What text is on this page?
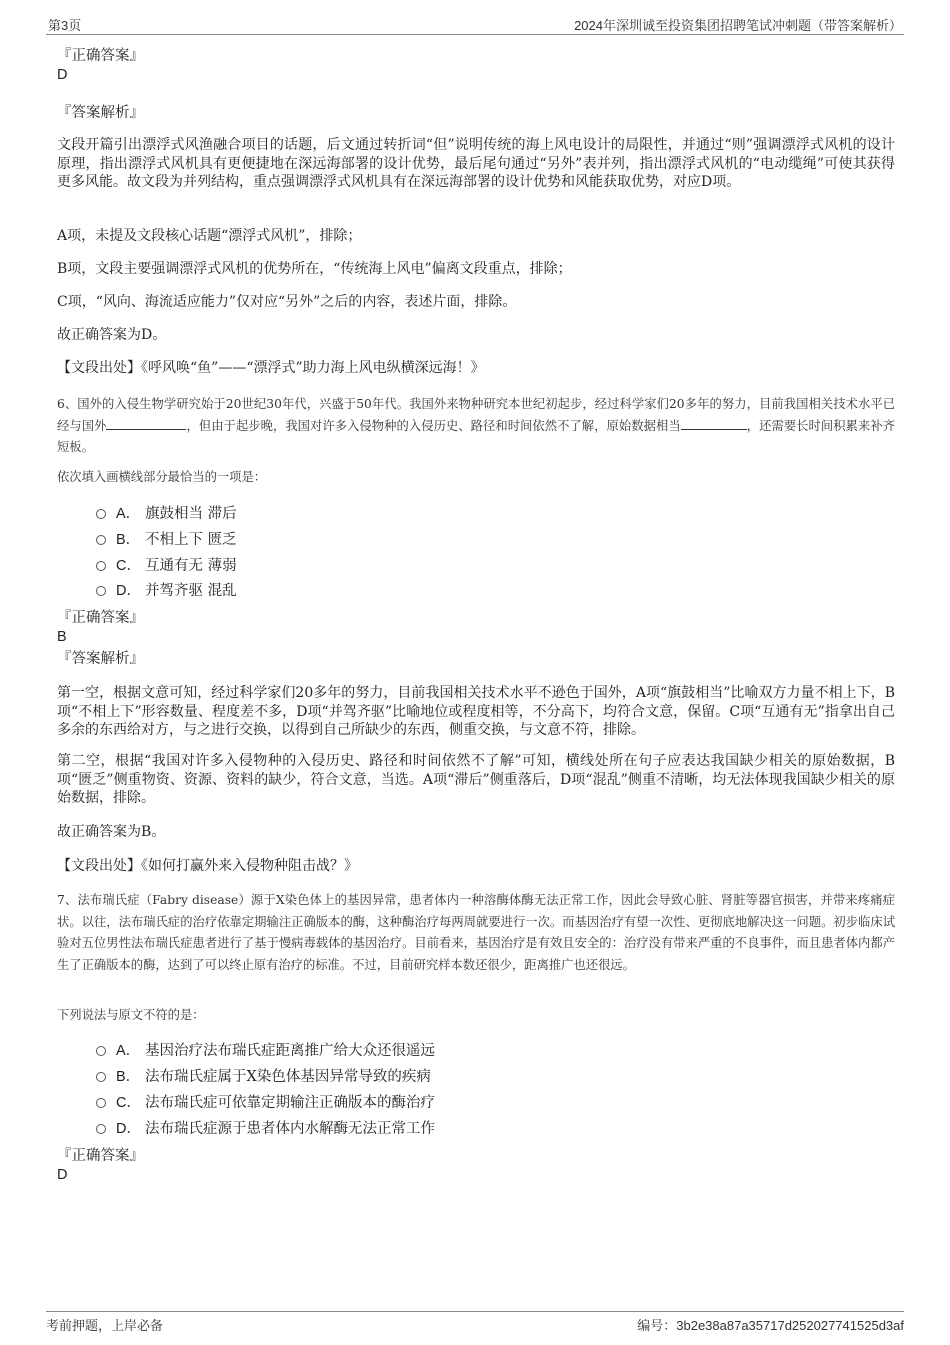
第3页	2024年深圳诚至投资集团招聘笔试冲刺题（带答案解析）
『正确答案』
D
『答案解析』
文段开篇引出漂浮式风渔融合项目的话题，后文通过转折词“但”说明传统的海上风电设计的局限性，并通过“则”强调漂浮式风机的设计原理，指出漂浮式风机具有更便捷地在深远海部署的设计优势，最后尾句通过“另外”表并列，指出漂浮式风机的“电动缆绳”可使其获得更多风能。故文段为并列结构，重点强调漂浮式风机具有在深远海部署的设计优势和风能获取优势，对应D项。
A项，未提及文段核心话题“漂浮式风机”，排除；
B项，文段主要强调漂浮式风机的优势所在，“传统海上风电”偏离文段重点，排除；
C项，“风向、海流适应能力”仅对应“另外”之后的内容，表述片面，排除。
故正确答案为D。
【文段出处】《呼风唤“鱼”——“漂浮式”助力海上风电纵横深远海！》
6、国外的入侵生物学研究始于20世纪30年代，兴盛于50年代。我国外来物种研究本世纪初起步，经过科学家们20多年的努力，目前我国相关技术水平已经与国外	，但由于起步晚，我国对许多入侵物种的入侵历史、路径和时间依然不了解，原始数据相当	，还需要长时间积累来补齐短板。
依次填入画横线部分最恰当的一项是：
A． 旗鼓相当 滞后
B． 不相上下 匮乏
C． 互通有无 薄弱
D． 并驾齐驱 混乱
『正确答案』
B
『答案解析』
第一空，根据文意可知，经过科学家们20多年的努力，目前我国相关技术水平不逊色于国外，A项“旗鼓相当”比喻双方力量不相上下，B项“不相上下”形容数量、程度差不多，D项“并驾齐驱”比喻地位或程度相等，不分高下，均符合文意，保留。C项“互通有无”指拿出自己多余的东西给对方，与之进行交换，以得到自己所缺少的东西，侧重交换，与文意不符，排除。
第二空，根据“我国对许多入侵物种的入侵历史、路径和时间依然不了解”可知，横线处所在句子应表达我国缺少相关的原始数据，B项“匮乏”侧重物资、资源、资料的缺少，符合文意，当选。A项“滞后”侧重落后，D项“混乱”侧重不清晰，均无法体现我国缺少相关的原始数据，排除。
故正确答案为B。
【文段出处】《如何打赢外来入侵物种阻击战？》
7、法布瑞氏症（Fabry disease）源于X染色体上的基因异常，患者体内一种溶酶体酶无法正常工作，因此会导致心脏、肾脏等器官损害，并带来疼痛症状。以往，法布瑞氏症的治疗依靠定期输注正确版本的酶，这种酶治疗每两周就要进行一次。而基因治疗有望一次性、更彻底地解决这一问题。初步临床试验对五位男性法布瑞氏症患者进行了基于慢病毒载体的基因治疗。目前看来，基因治疗是有效且安全的：治疗没有带来严重的不良事件，而且患者体内都产生了正确版本的酶，达到了可以终止原有治疗的标准。不过，目前研究样本数还很少，距离推广也还很远。
下列说法与原文不符的是：
A． 基因治疗法布瑞氏症距离推广给大众还很遥远
B． 法布瑞氏症属于X染色体基因异常导致的疾病
C． 法布瑞氏症可依靠定期输注正确版本的酶治疗
D． 法布瑞氏症源于患者体内水解酶无法正常工作
『正确答案』
D
考前押题，上岸必备	编号：3b2e38a87a35717d252027741525d3af
